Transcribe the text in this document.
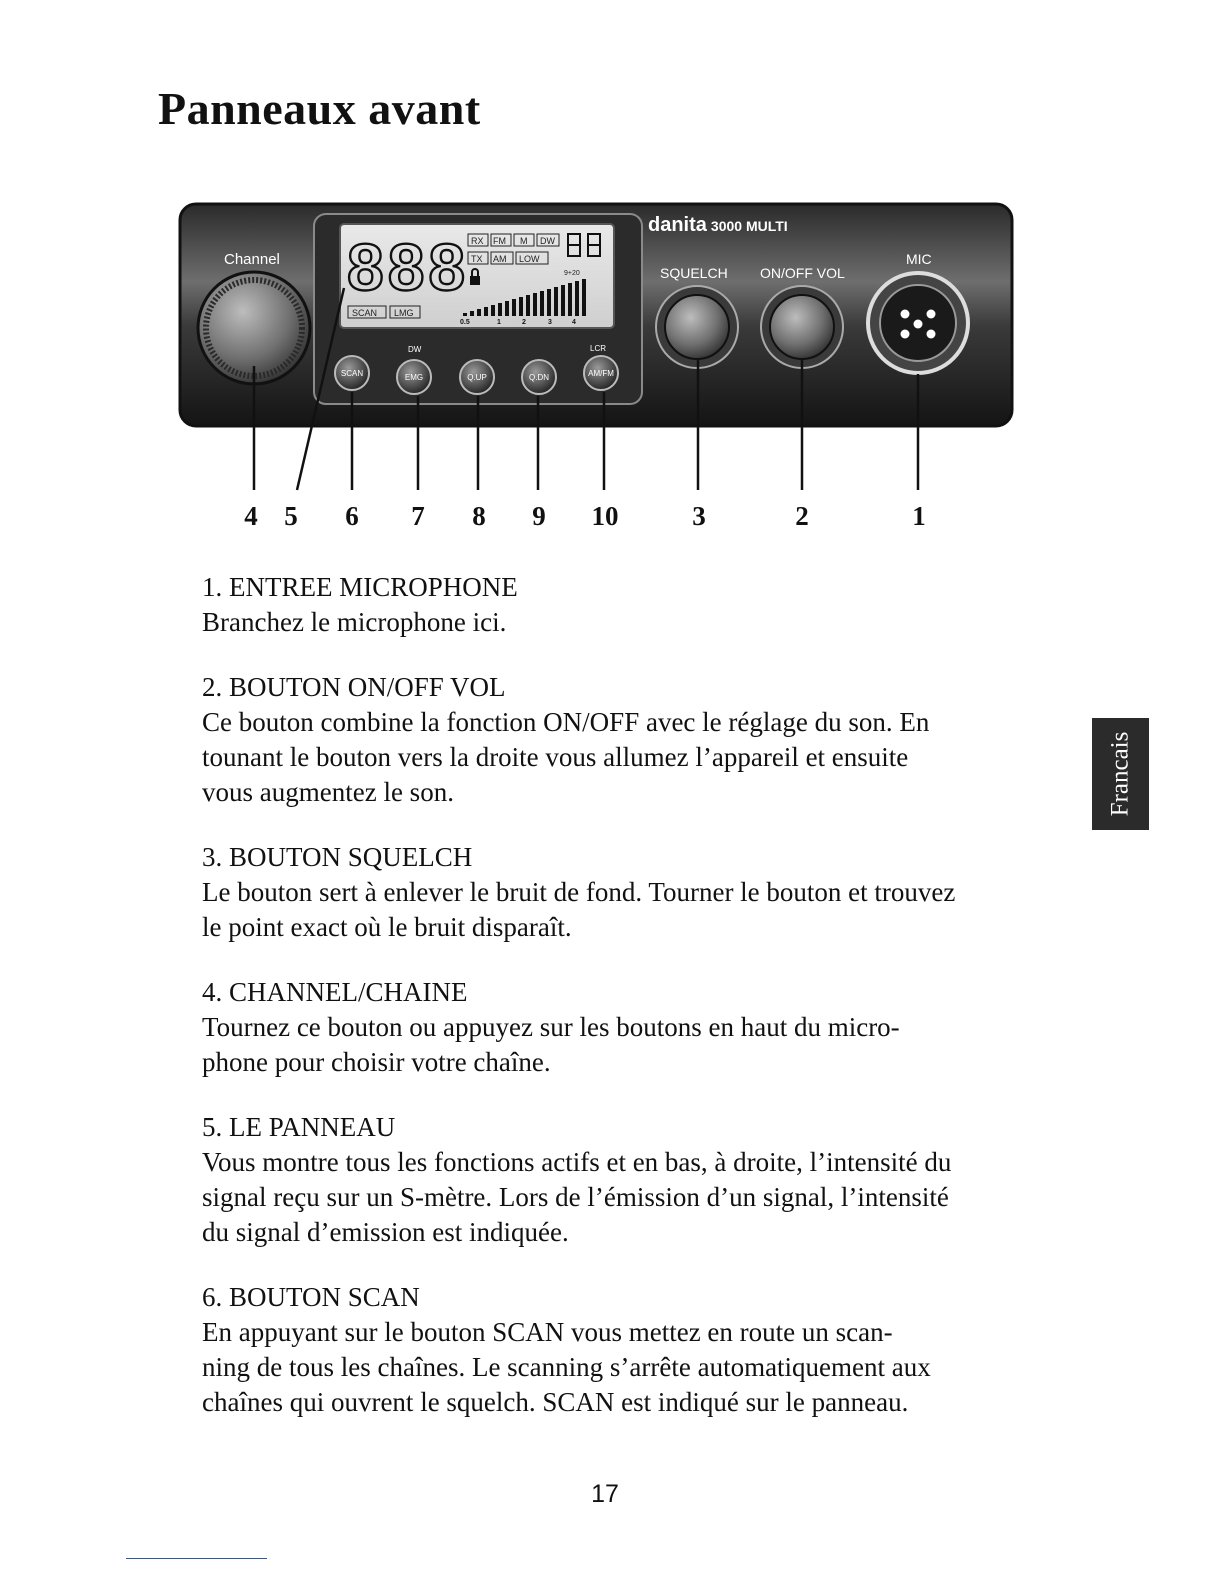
Panneaux avant
888 RX FM M DW
TX AM LOW
SCAN LMG
9+20
0.5	1	2	3	4
danita 3000 MULTI
Channel
SQUELCH ON/OFF VOL
MIC
DW	LCR
SCAN	EMG	Q.UP	Q.DN	AM/FM
4 5 6 7 8 9 10	3	2	1
Francais

1. ENTREE MICROPHONE

Branchez le microphone ici.

2. BOUTON ON/OFF VOL

Ce bouton combine la fonction ON/OFF avec le réglage du son. En

tounant le bouton vers la droite vous allumez l’appareil et ensuite

vous augmentez le son.

3. BOUTON SQUELCH

Le bouton sert à enlever le bruit de fond. Tourner le bouton et trouvez

le point exact où le bruit disparaît.

4. CHANNEL/CHAINE

Tournez ce bouton ou appuyez sur les boutons en haut du micro-

phone pour choisir votre chaîne.

5. LE PANNEAU

Vous montre tous les fonctions actifs et en bas, à droite, l’intensité du

signal reçu sur un S-mètre. Lors de l’émission d’un signal, l’intensité

du signal d’emission est indiquée.

6. BOUTON SCAN

En appuyant sur le bouton SCAN vous mettez en route un scan-

ning de tous les chaînes. Le scanning s’arrête automatiquement aux

chaînes qui ouvrent le squelch. SCAN est indiqué sur le panneau.

17
